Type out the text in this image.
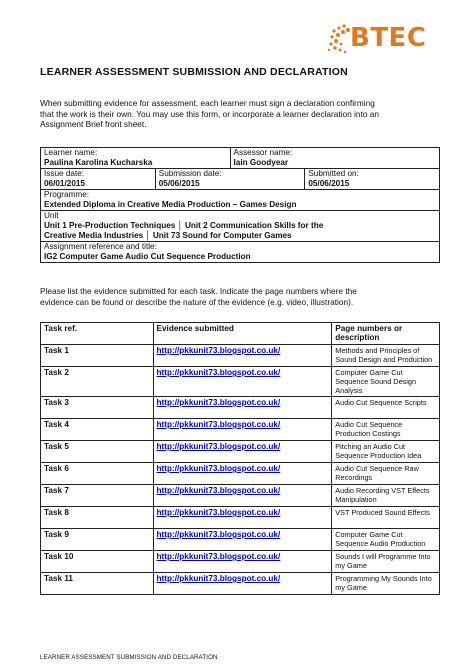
BTEC
LEARNER ASSESSMENT SUBMISSION AND DECLARATION

When submitting evidence for assessment, each learner must sign a declaration confirming

that the work is their own. You may use this form, or incorporate a learner declaration into an

Assignment Brief front sheet.

Learner name:
Paulina Karolina Kucharska		Assessor name:
Iain Goodyear	

Issue date:
06/01/2015	Submission date:
05/06/2015		Submitted on:
05/06/2015

Programme:
Extended Diploma in Creative Media Production – Games Design			

Unit
Unit 1 Pre-Production Techniques │ Unit 2 Communication Skills for the
Creative Media Industries │ Unit 73 Sound for Computer Games			

Assignment reference and title:
IG2 Computer Game Audio Cut Sequence Production			
Please list the evidence submitted for each task. Indicate the page numbers where the
evidence can be found or describe the nature of the evidence (e.g. video, illustration).
Task ref.	Evidence submitted	Page numbers or description
Task 1	http://pkkunit73.blogspot.co.uk/	Methods and Principles of Sound Design and Production
Task 2	http://pkkunit73.blogspot.co.uk/	Computer Game Cut Sequence Sound Design Analysis
Task 3	http://pkkunit73.blogspot.co.uk/	Audio Cut Sequence Scripts
Task 4	http://pkkunit73.blogspot.co.uk/	Audio Cut Sequence Production Costings
Task 5	http://pkkunit73.blogspot.co.uk/	Pitching an Audio Cut Sequence Production Idea
Task 6	http://pkkunit73.blogspot.co.uk/	Audio Cut Sequence Raw Recordings
Task 7	http://pkkunit73.blogspot.co.uk/	Audio Recording VST Effects Manipulation
Task 8	http://pkkunit73.blogspot.co.uk/	VST Produced Sound Effects
Task 9	http://pkkunit73.blogspot.co.uk/	Computer Game Cut Sequence Audio Production
Task 10	http://pkkunit73.blogspot.co.uk/	Sounds I will Programme Into my Game
Task 11	http://pkkunit73.blogspot.co.uk/	Programming My Sounds Into my Game
LEARNER ASSESSMENT SUBMISSION AND DECLARATION
